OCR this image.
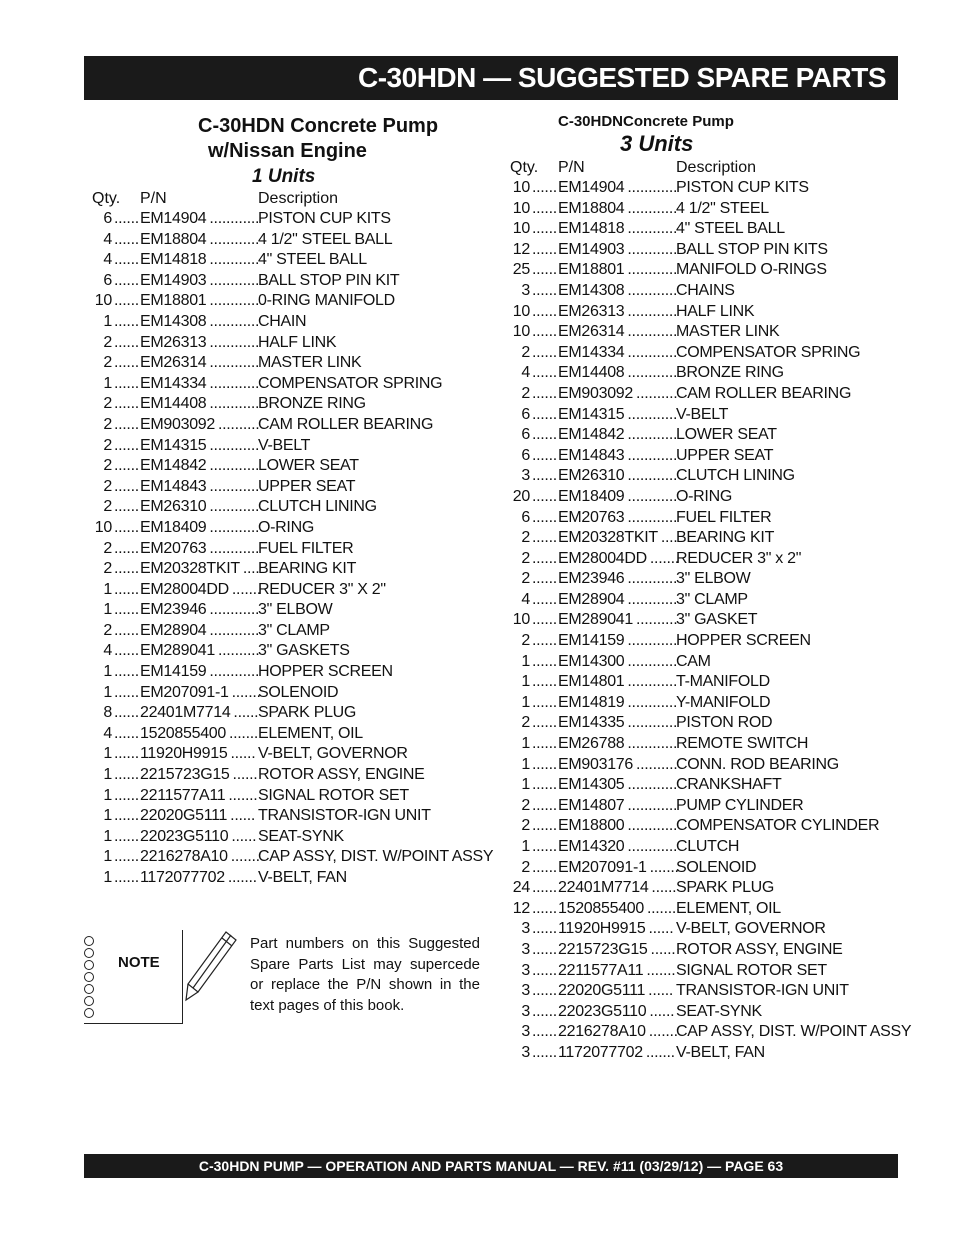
C-30HDN — SUGGESTED SPARE PARTS
C-30HDN Concrete Pump
w/Nissan Engine
1 Units
Qty. P/N	Description
6 ...... EM14904 ............
PISTON CUP KITS
4 ...... EM18804 ............
4 1/2" STEEL BALL
4 ...... EM14818 ............
4" STEEL BALL
6 ...... EM14903 ............
BALL STOP PIN KIT
10 ...... EM18801 ............
0-RING MANIFOLD
1 ...... EM14308 ............
CHAIN
2 ...... EM26313 ............
HALF LINK
2 ...... EM26314 ............
MASTER LINK
1 ...... EM14334 ............
COMPENSATOR SPRING
2 ...... EM14408 ............
BRONZE RING
2 ...... EM903092 ..........
CAM ROLLER BEARING
2 ...... EM14315 ............
V-BELT
2 ...... EM14842 ............
LOWER SEAT
2 ...... EM14843 ............
UPPER SEAT
2 ...... EM26310 ............
CLUTCH LINING
10 ...... EM18409 ............
O-RING
2 ...... EM20763 ............
FUEL FILTER
2 ...... EM20328TKIT ....
BEARING KIT
1 ...... EM28004DD .......
REDUCER 3" X 2"
1 ...... EM23946 ............
3" ELBOW
2 ...... EM28904 ............
3" CLAMP
4 ...... EM289041 ..........
3" GASKETS
1 ...... EM14159 ............
HOPPER SCREEN
1 ...... EM207091-1 .......
SOLENOID
8 ...... 22401M7714 ...... SPARK PLUG
4 ...... 1520855400 ....... ELEMENT, OIL
1 ...... 11920H9915 ...... V-BELT, GOVERNOR
1 ...... 2215723G15 ...... ROTOR ASSY, ENGINE
1 ...... 2211577A11 ....... SIGNAL ROTOR SET
1 ...... 22020G5111 ...... TRANSISTOR-IGN UNIT
1 ...... 22023G5110 ...... SEAT-SYNK
1 ...... 2216278A10 .......
CAP ASSY, DIST. W/POINT ASSY
1 ...... 1172077702 ....... V-BELT, FAN
C-30HDNConcrete Pump
3 Units
Qty. P/N	Description
10 ...... EM14904 ............
PISTON CUP KITS
10 ...... EM18804 ............
4 1/2" STEEL
10 ...... EM14818 ............
4" STEEL BALL
12 ...... EM14903 ............
BALL STOP PIN KITS
25 ...... EM18801 ............
MANIFOLD O-RINGS
3 ...... EM14308 ............
CHAINS
10 ...... EM26313 ............
HALF LINK
10 ...... EM26314 ............
MASTER LINK
2 ...... EM14334 ............
COMPENSATOR SPRING
4 ...... EM14408 ............
BRONZE RING
2 ...... EM903092 ..........
CAM ROLLER BEARING
6 ...... EM14315 ............
V-BELT
6 ...... EM14842 ............
LOWER SEAT
6 ...... EM14843 ............
UPPER SEAT
3 ...... EM26310 ............
CLUTCH LINING
20 ...... EM18409 ............
O-RING
6 ...... EM20763 ............
FUEL FILTER
2 ...... EM20328TKIT ....
BEARING KIT
2 ...... EM28004DD .......
REDUCER 3" x 2"
2 ...... EM23946 ............
3" ELBOW
4 ...... EM28904 ............
3" CLAMP
10 ...... EM289041 ..........
3" GASKET
2 ...... EM14159 ............
HOPPER SCREEN
1 ...... EM14300 ............
CAM
1 ...... EM14801 ............
T-MANIFOLD
1 ...... EM14819 ............
Y-MANIFOLD
2 ...... EM14335 ............
PISTON ROD
1 ...... EM26788 ............
REMOTE SWITCH
1 ...... EM903176 ..........
CONN. ROD BEARING
1 ...... EM14305 ............
CRANKSHAFT
2 ...... EM14807 ............
PUMP CYLINDER
2 ...... EM18800 ............
COMPENSATOR CYLINDER
1 ...... EM14320 ............
CLUTCH
2 ...... EM207091-1 .......
SOLENOID
24 ...... 22401M7714 ...... SPARK PLUG
12 ...... 1520855400 ....... ELEMENT, OIL
3 ...... 11920H9915 ...... V-BELT, GOVERNOR
3 ...... 2215723G15 ...... ROTOR ASSY, ENGINE
3 ...... 2211577A11 ....... SIGNAL ROTOR SET
3 ...... 22020G5111 ...... TRANSISTOR-IGN UNIT
3 ...... 22023G5110 ...... SEAT-SYNK
3 ...... 2216278A10 .......
CAP ASSY, DIST. W/POINT ASSY
3 ...... 1172077702 ....... V-BELT, FAN
NOTE
Part numbers on this Suggested Spare Parts List may supercede or replace the P/N shown in the text pages of this book.
C-30HDN PUMP — OPERATION AND PARTS MANUAL — REV. #11 (03/29/12) — PAGE 63
